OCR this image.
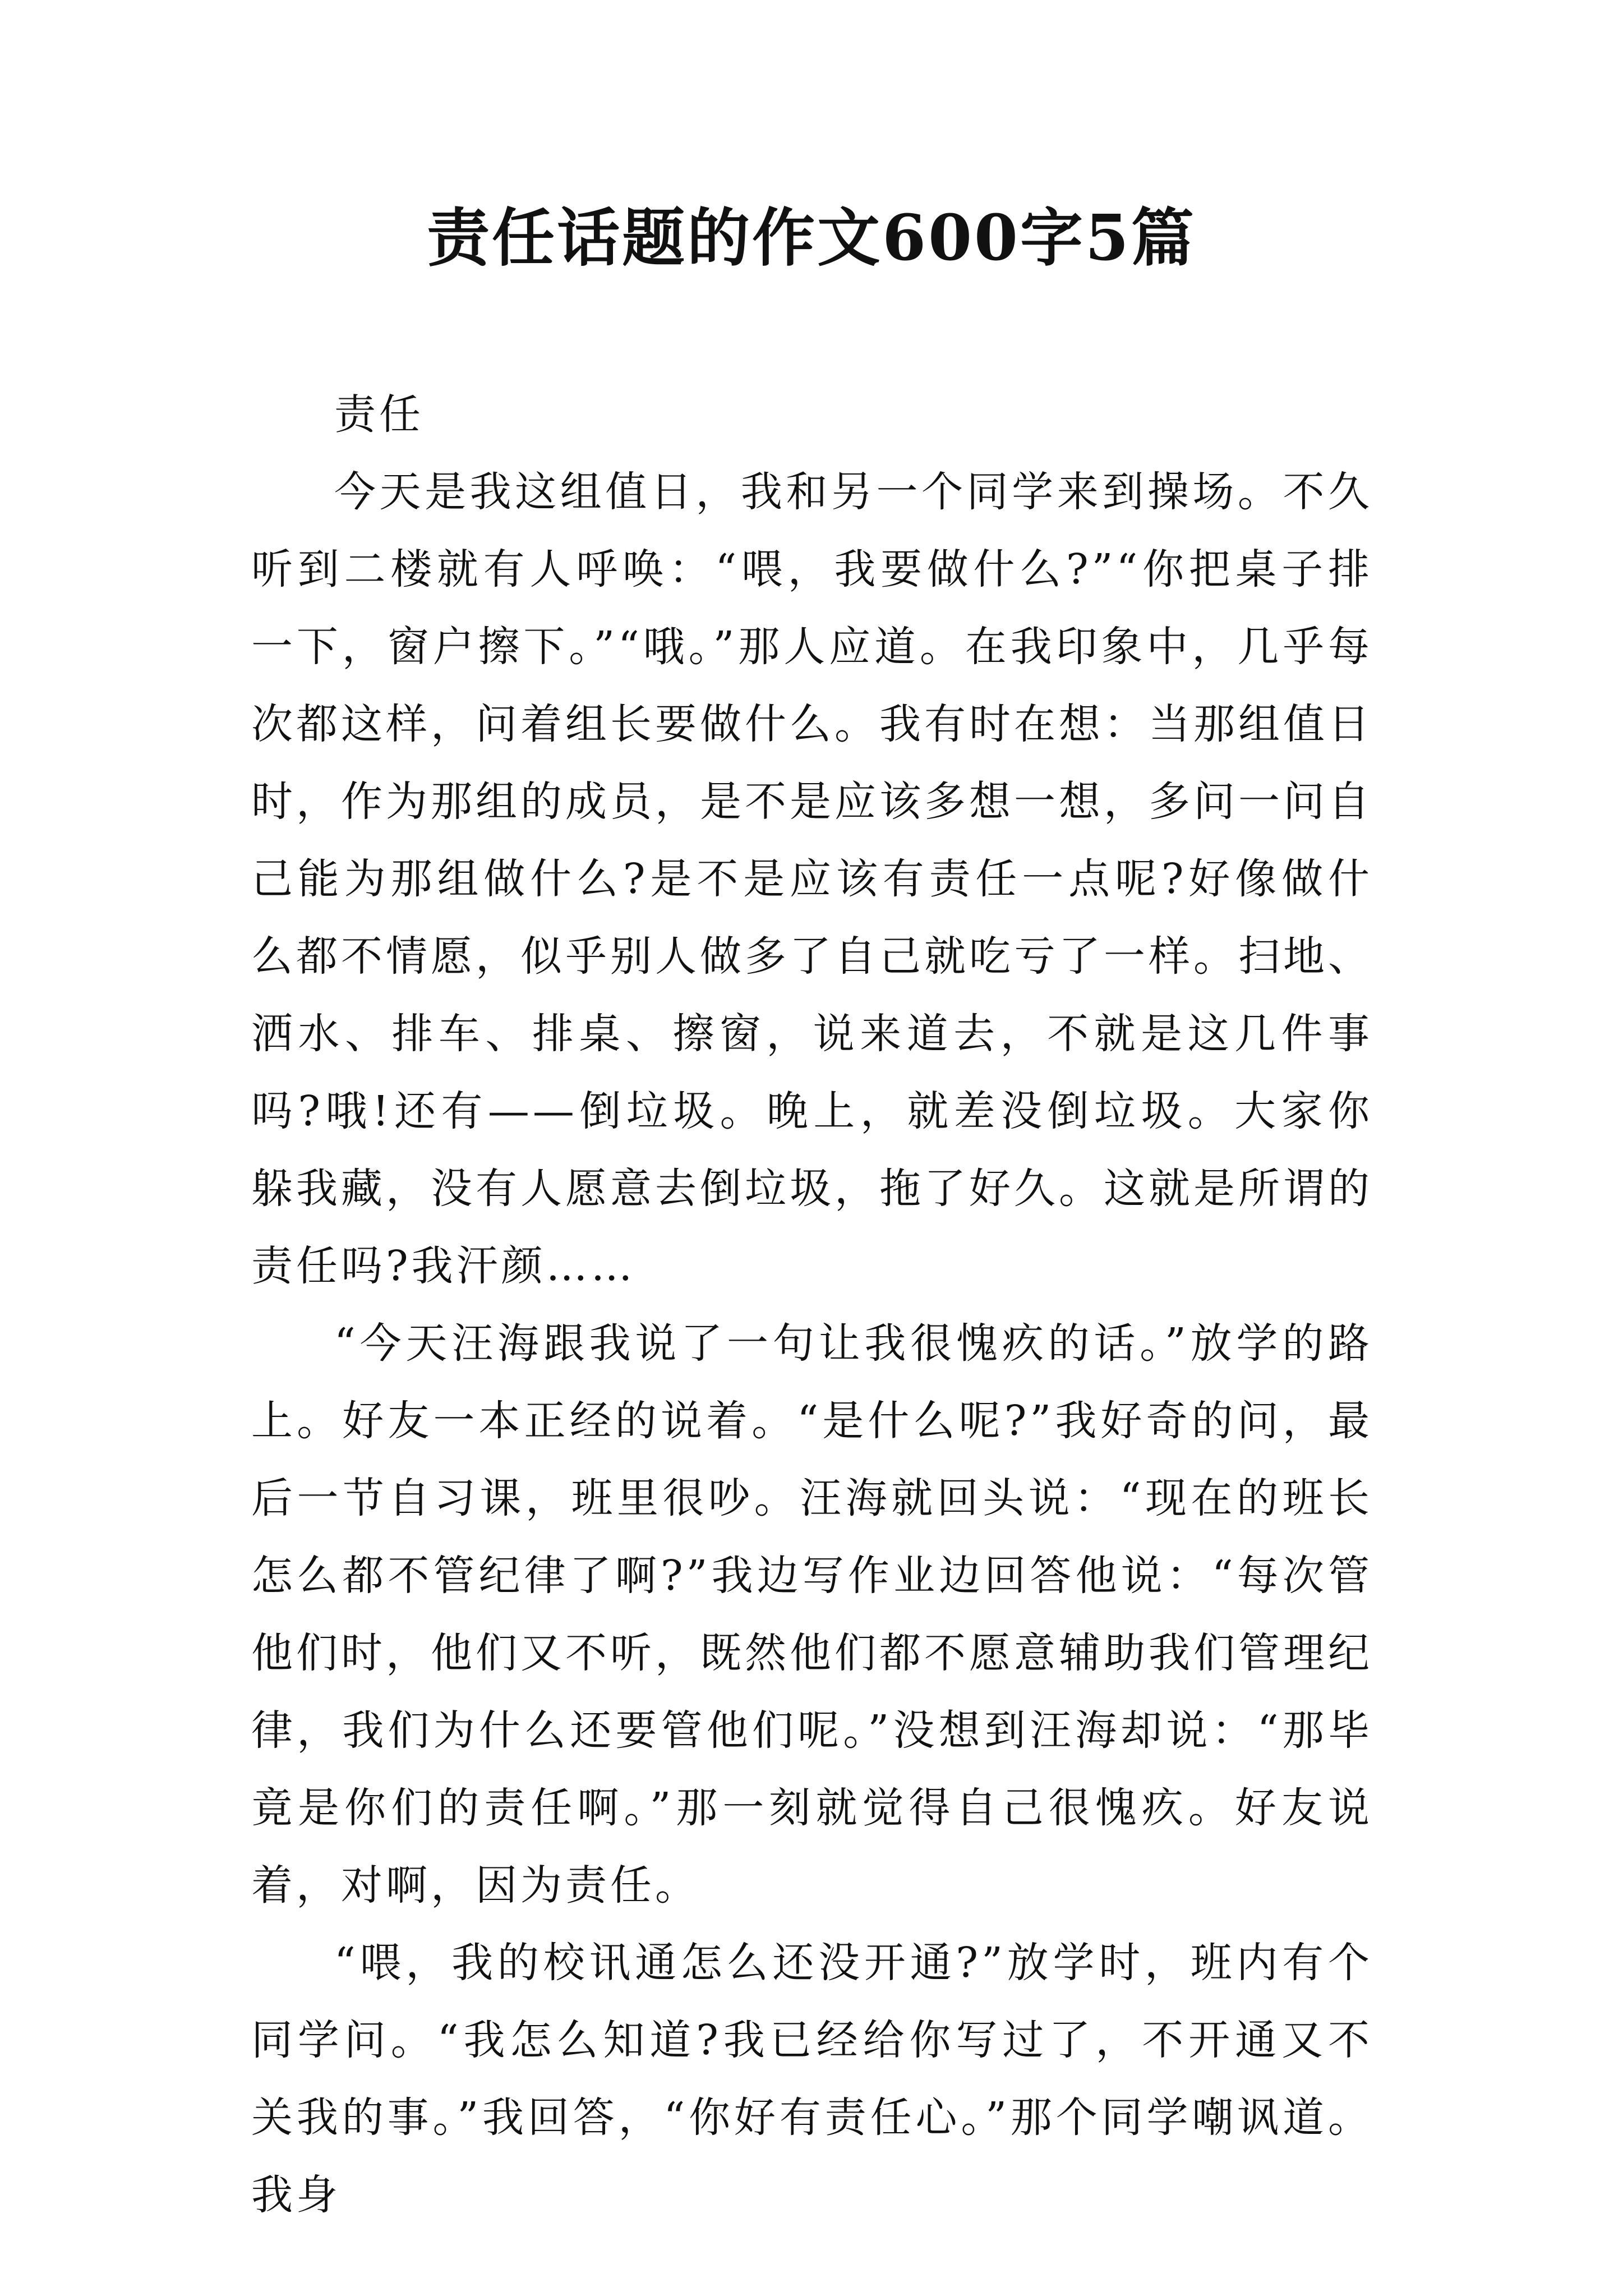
责任话题的作文600字5篇

责任

今天是我这组值日，我和另一个同学来到操场。不久听到二楼就有人呼唤：“喂，我要做什么?”“你把桌子排一下，窗户擦下。”“哦。”那人应道。在我印象中，几乎每次都这样，问着组长要做什么。我有时在想：当那组值日时，作为那组的成员，是不是应该多想一想，多问一问自己能为那组做什么?是不是应该有责任一点呢?好像做什么都不情愿，似乎别人做多了自己就吃亏了一样。扫地、洒水、排车、排桌、擦窗，说来道去，不就是这几件事吗?哦!还有——倒垃圾。晚上，就差没倒垃圾。大家你躲我藏，没有人愿意去倒垃圾，拖了好久。这就是所谓的责任吗?我汗颜……

“今天汪海跟我说了一句让我很愧疚的话。”放学的路上。好友一本正经的说着。“是什么呢?”我好奇的问，最后一节自习课，班里很吵。汪海就回头说：“现在的班长怎么都不管纪律了啊?”我边写作业边回答他说：“每次管他们时，他们又不听，既然他们都不愿意辅助我们管理纪律，我们为什么还要管他们呢。”没想到汪海却说：“那毕竟是你们的责任啊。”那一刻就觉得自己很愧疚。好友说着，对啊，因为责任。

“喂，我的校讯通怎么还没开通?”放学时，班内有个同学问。“我怎么知道?我已经给你写过了，不开通又不关我的事。”我回答，“你好有责任心。”那个同学嘲讽道。我身
